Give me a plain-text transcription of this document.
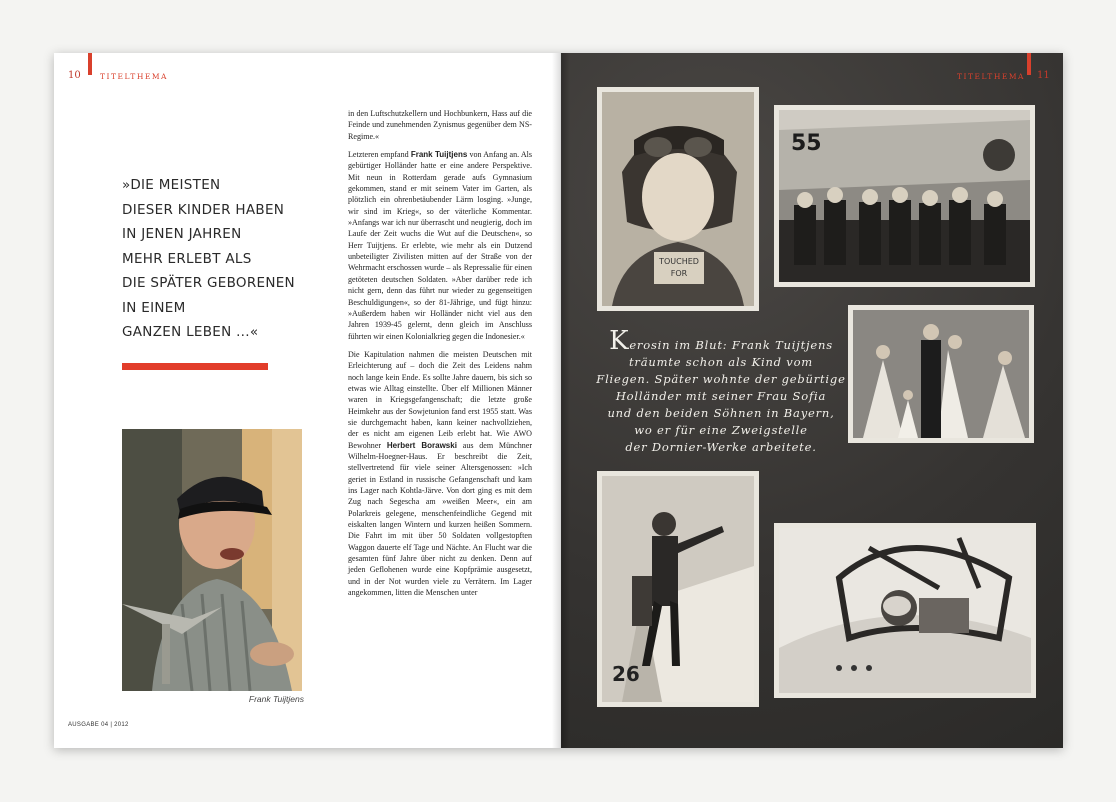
10	TITELTHEMA
»DIE MEISTEN
DIESER KINDER HABEN
IN JENEN JAHREN
MEHR ERLEBT ALS
DIE SPÄTER GEBORENEN
IN EINEM
GANZEN LEBEN ...«
Frank Tuijtjens

in den Luftschutzkellern und Hochbunkern, Hass auf die Feinde und zunehmenden Zynismus gegenüber dem NS-Regime.«

Letzteren empfand Frank Tuijtjens von Anfang an. Als gebürtiger Holländer hatte er eine andere Perspektive. Mit neun in Rotterdam gerade aufs Gymnasium gekommen, stand er mit seinem Vater im Garten, als plötzlich ein ohrenbetäubender Lärm losging. »Junge, wir sind im Krieg«, so der väterliche Kommentar. »Anfangs war ich nur überrascht und neugierig, doch im Laufe der Zeit wuchs die Wut auf die Deutschen«, so Herr Tuijtjens. Er erlebte, wie mehr als ein Dutzend unbeteiligter Zivilisten mitten auf der Straße von der Wehrmacht erschossen wurde – als Repressalie für einen getöteten deutschen Soldaten. »Aber darüber rede ich nicht gern, denn das führt nur wieder zu gegenseitigen Beschuldigungen«, so der 81-Jährige, und fügt hinzu: »Außerdem haben wir Holländer nicht viel aus den Jahren 1939-45 gelernt, denn gleich im Anschluss führten wir einen Kolonialkrieg gegen die Indonesier.«

Die Kapitulation nahmen die meisten Deutschen mit Erleichterung auf – doch die Zeit des Leidens nahm noch lange kein Ende. Es sollte Jahre dauern, bis sich so etwas wie Alltag einstellte. Über elf Millionen Männer waren in Kriegsgefangenschaft; die letzte große Heimkehr aus der Sowjetunion fand erst 1955 statt. Was sie durchgemacht haben, kann keiner nachvollziehen, der es nicht am eigenen Leib erlebt hat. Wie AWO Bewohner Herbert Borawski aus dem Münchner Wilhelm-Hoegner-Haus. Er beschreibt die Zeit, stellvertretend für viele seiner Altersgenossen: »Ich geriet in Estland in russische Gefangenschaft und kam ins Lager nach Kohtla-Järve. Von dort ging es mit dem Zug nach Segescha am »weißen Meer«, ein am Polarkreis gelegene, menschenfeindliche Gegend mit eiskalten langen Wintern und kurzen heißen Sommern. Die Fahrt im mit über 50 Soldaten vollgestopften Waggon dauerte elf Tage und Nächte. An Flucht war die gesamten fünf Jahre über nicht zu denken. Denn auf jeden Geflohenen wurde eine Kopfprämie ausgesetzt, und in der Not wurden viele zu Verrätern. Im Lager angekommen, litten die Menschen unter

AUSGABE 04 | 2012
TITELTHEMA 11
TOUCHED
FOR
55
Kerosin im Blut: Frank Tuijtjens
träumte schon als Kind vom
Fliegen. Später wohnte der gebürtige
Holländer mit seiner Frau Sofia
und den beiden Söhnen in Bayern,
wo er für eine Zweigstelle
der Dornier-Werke arbeitete.
26
